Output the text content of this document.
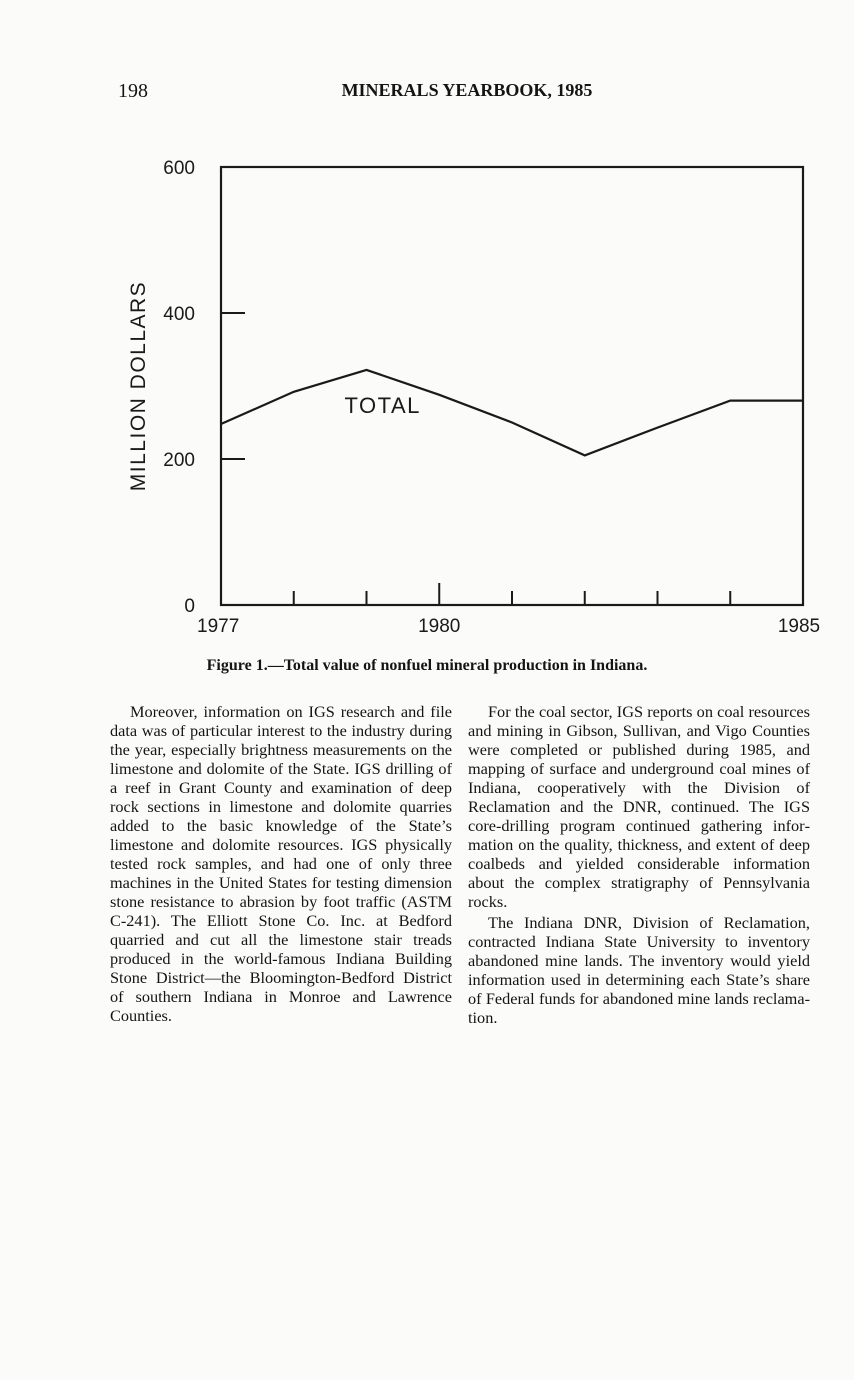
198	MINERALS YEARBOOK, 1985
0
200
400
600
1977	1980	1985
TOTAL
MILLION DOLLARS
Figure 1.—Total value of nonfuel mineral production in Indiana.

Moreover, information on IGS research and file data was of particular interest to the industry during the year, especially brightness measurements on the limestone and dolomite of the State. IGS drilling of a reef in Grant County and examination of deep rock sections in limestone and dolomite quarries added to the basic knowledge of the State’s limestone and dolomite resources. IGS physically tested rock samples, and had one of only three machines in the United States for testing dimension stone resistance to abrasion by foot traffic (ASTM C-241). The Elliott Stone Co. Inc. at Bedford quarried and cut all the limestone stair treads produced in the world-famous Indiana Building Stone District—the Bloomington-Bedford District of southern Indiana in Monroe and Lawrence Counties.

For the coal sector, IGS reports on coal resources and mining in Gibson, Sullivan, and Vigo Counties were completed or published during 1985, and mapping of surface and underground coal mines of Indiana, cooperatively with the Division of Reclamation and the DNR, continued. The IGS core-drilling program continued gathering information on the quality, thickness, and extent of deep coalbeds and yielded considerable information about the complex stratigraphy of Pennsylvania rocks.

The Indiana DNR, Division of Reclamation, contracted Indiana State University to inventory abandoned mine lands. The inventory would yield information used in determining each State’s share of Federal funds for abandoned mine lands reclamation.
